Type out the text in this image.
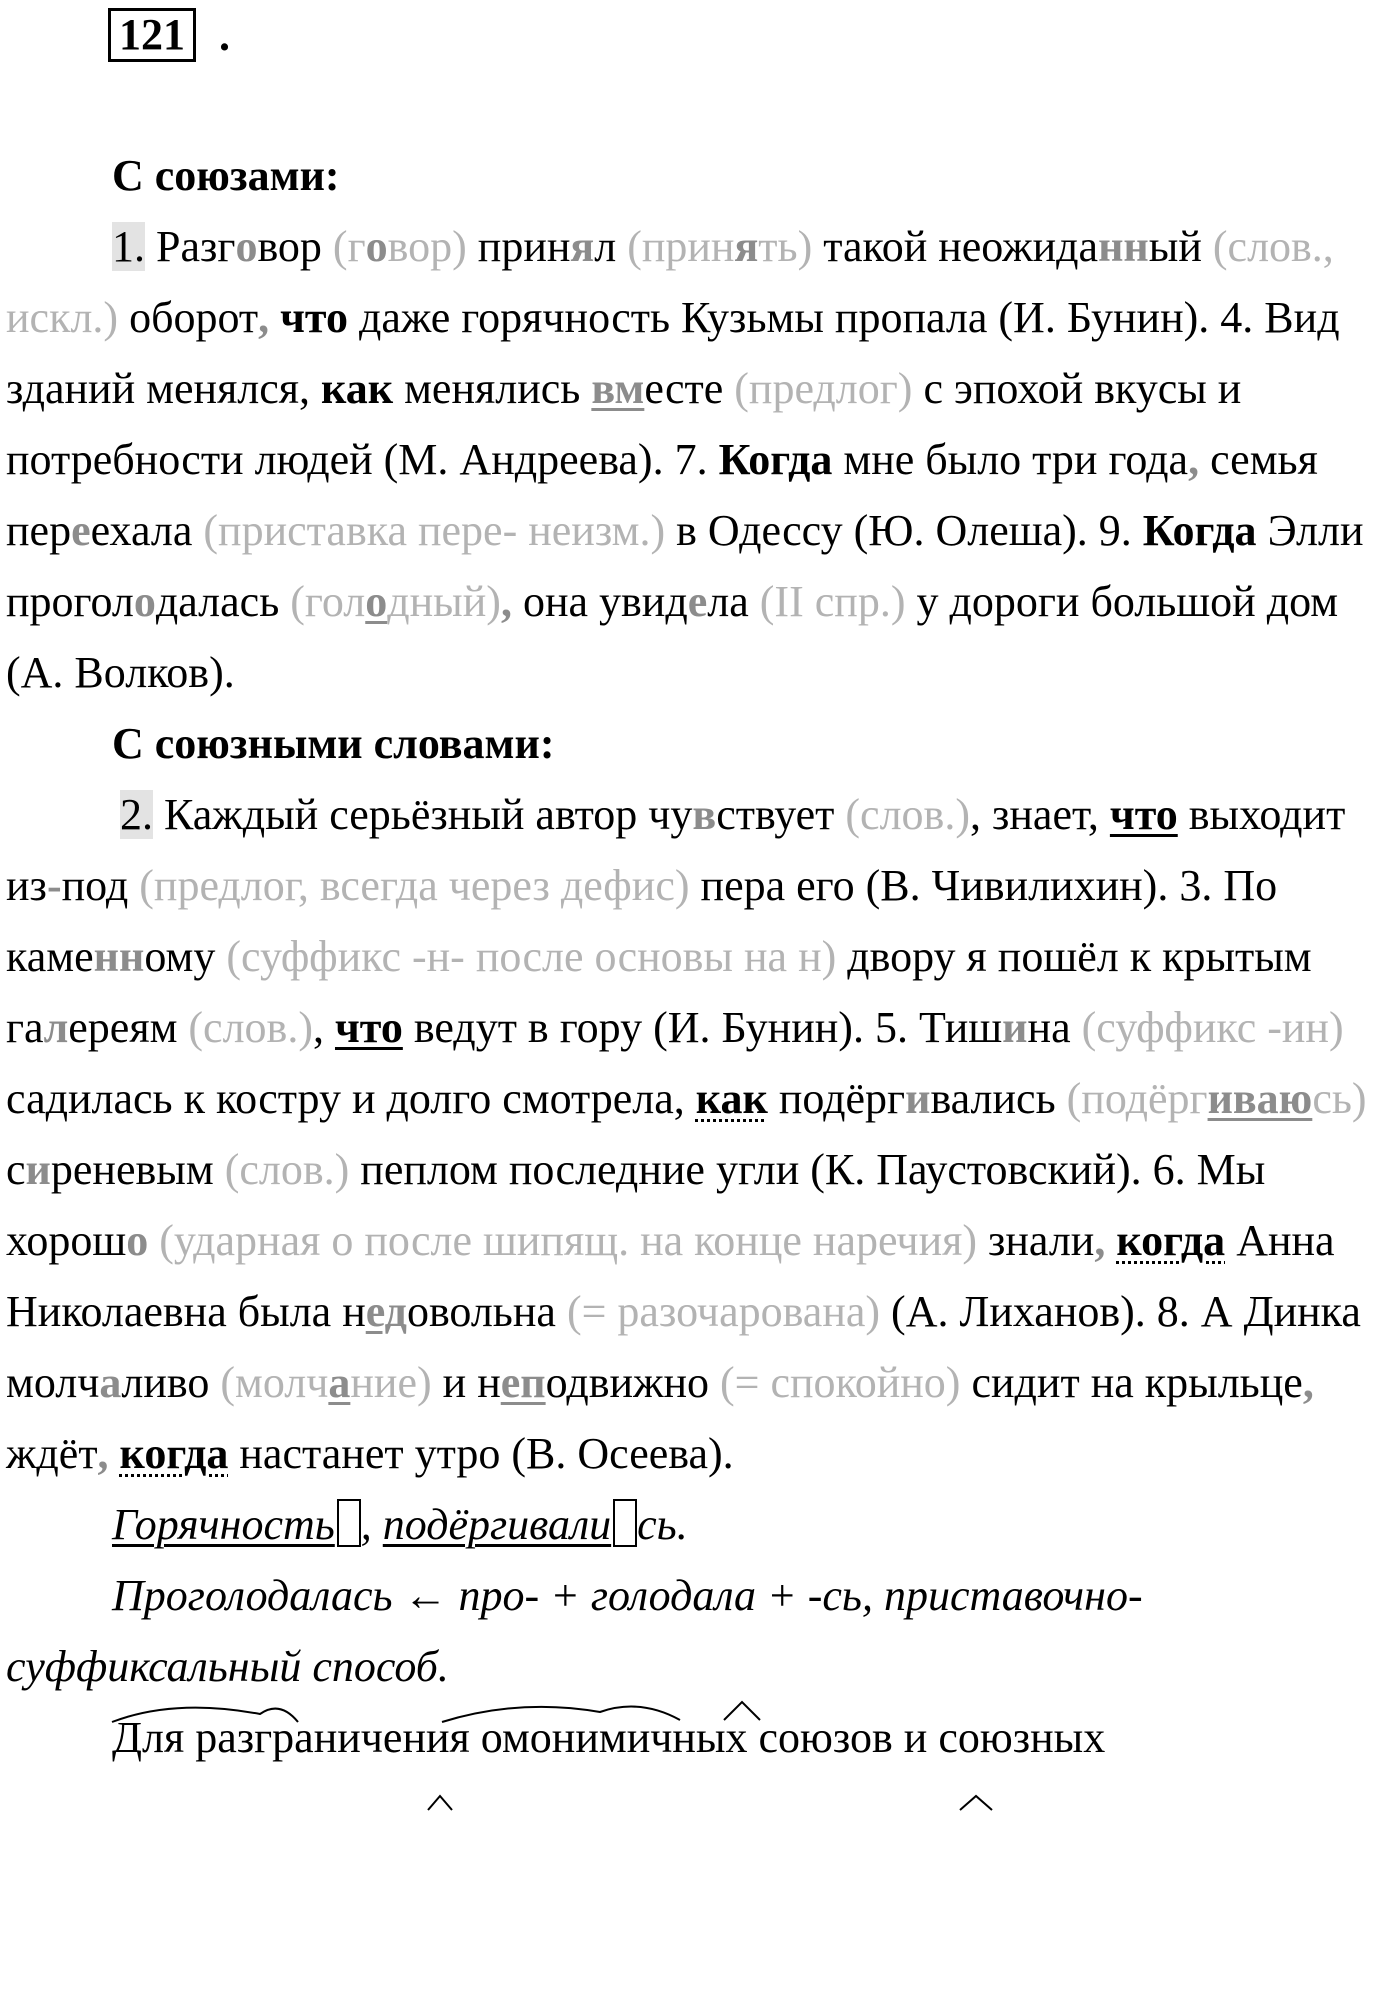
121 .

С союзами:

1. Разговор (говор) принял (принять) такой неожиданный (слов., искл.) оборот, что даже горячность Кузьмы пропала (И. Бунин). 4. Вид зданий менялся, как менялись вместе (предлог) с эпохой вкусы и потребности людей (М. Андреева). 7. Когда мне было три года, семья переехала (приставка пере- неизм.) в Одессу (Ю. Олеша). 9. Когда Элли проголодалась (голодный), она увидела (II спр.) у дороги большой дом (А. Волков).

С союзными словами:

2. Каждый серьёзный автор чувствует (слов.), знает, что выходит из-под (предлог, всегда через дефис) пера его (В. Чивилихин). 3. По каменному (суффикс -н- после основы на н) двору я пошёл к крытым галереям (слов.), что ведут в гору (И. Бунин). 5. Тишина (суффикс -ин) садилась к костру и долго смотрела, как подёргивались (подёргиваюсь) сиреневым (слов.) пеплом последние угли (К. Паустовский). 6. Мы хорошо (ударная о после шипящ. на конце наречия) знали, когда Анна Николаевна была недовольна (= разочарована) (А. Лиханов). 8. А Динка молчаливо (молчание) и неподвижно (= спокойно) сидит на крыльце, ждёт, когда настанет утро (В. Осеева).

Горячность , подёргивали сь.

Проголодалась ← про- + голодала + -сь, приставочно-суффиксальный способ.

Для разграничения омонимичных союзов и союзных
